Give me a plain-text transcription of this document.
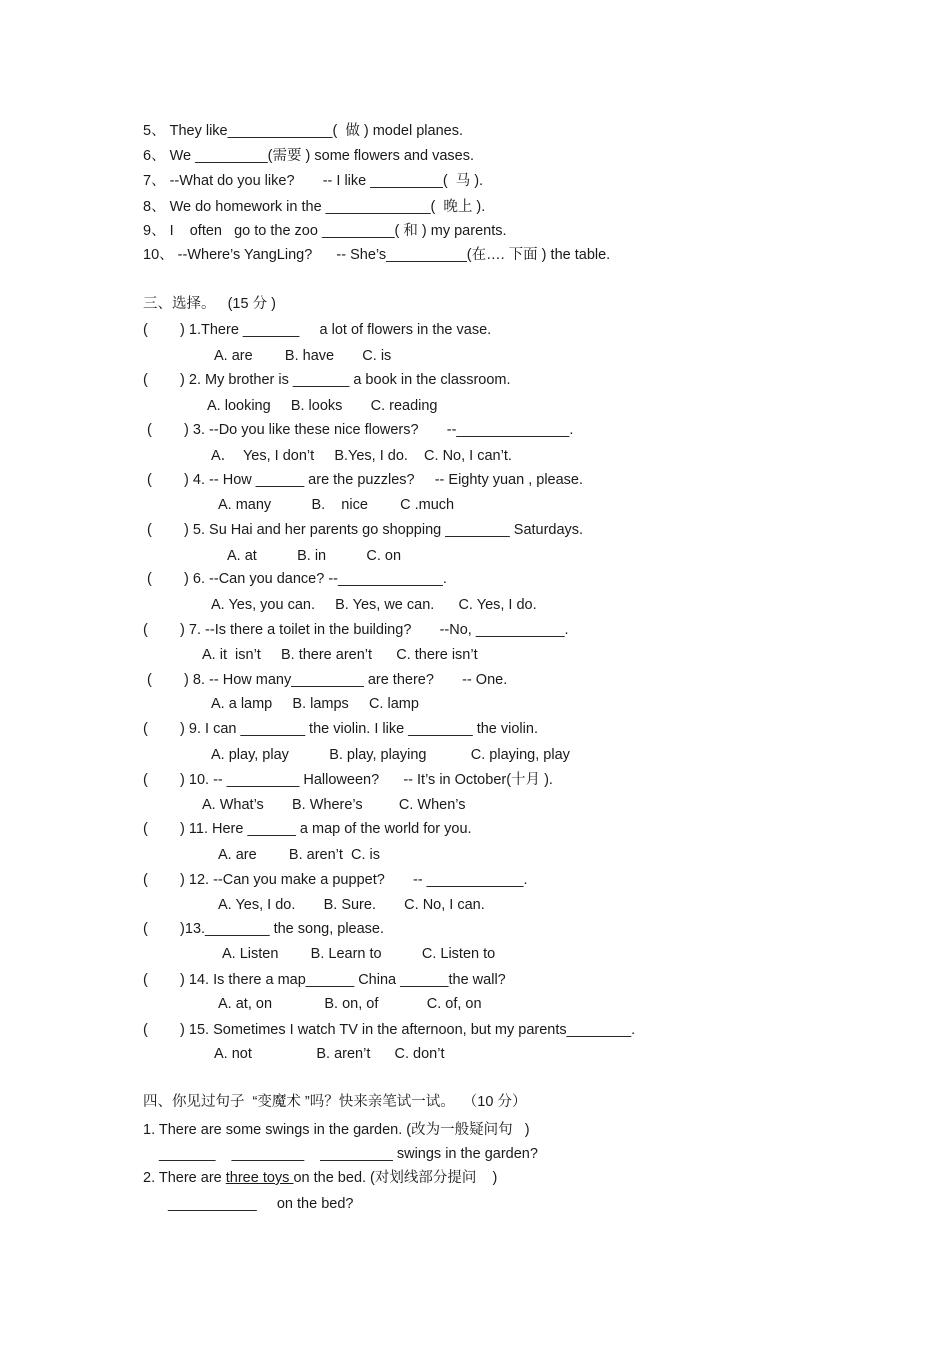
5、 They like_____________(  做 ) model planes.
6、 We _________(需要 ) some flowers and vases.
7、 --What do you like?       -- I like _________(  马 ).
8、 We do homework in the _____________(  晚上 ).
9、 I    often   go to the zoo _________( 和 ) my parents.
10、 --Where’s YangLing?      -- She’s__________(在…. 下面 ) the table.
三、选择。   (15 分 )
(        ) 1.There _______     a lot of flowers in the vase.
A. are        B. have       C. is
(        ) 2. My brother is _______ a book in the classroom.
A. looking     B. looks       C. reading
(        ) 3. --Do you like these nice flowers?       --______________.
A．  Yes, I don’t     B.Yes, I do.    C. No, I can’t.
(        ) 4. -- How ______ are the puzzles?     -- Eighty yuan , please.
A. many          B.    nice        C .much
(        ) 5. Su Hai and her parents go shopping ________ Saturdays.
A. at          B. in          C. on
(        ) 6. --Can you dance? --_____________.
A. Yes, you can.     B. Yes, we can.      C. Yes, I do.
(        ) 7. --Is there a toilet in the building?       --No, ___________.
A. it  isn’t     B. there aren’t      C. there isn’t
(        ) 8. -- How many_________ are there?       -- One.
A. a lamp     B. lamps     C. lamp
(        ) 9. I can ________ the violin. I like ________ the violin.
A. play, play          B. play, playing           C. playing, play
(        ) 10. -- _________ Halloween?      -- It’s in October(十月 ).
A. What’s       B. Where’s         C. When’s
(        ) 11. Here ______ a map of the world for you.
A. are        B. aren’t  C. is
(        ) 12. --Can you make a puppet?       -- ____________.
A. Yes, I do.       B. Sure.       C. No, I can.
(        )13.________ the song, please.
A. Listen        B. Learn to          C. Listen to
(        ) 14. Is there a map______ China ______the wall?
A. at, on             B. on, of            C. of, on
(        ) 15. Sometimes I watch TV in the afternoon, but my parents________.
A. not                B. aren’t      C. don’t
四、你见过句子  “变魔术 ”吗？快来亲笔试一试。  （10 分）
1. There are some swings in the garden. (改为一般疑问句   )
_______    _________    _________ swings in the garden?
2. There are three toys on the bed. (对划线部分提问    )
___________     on the bed?
